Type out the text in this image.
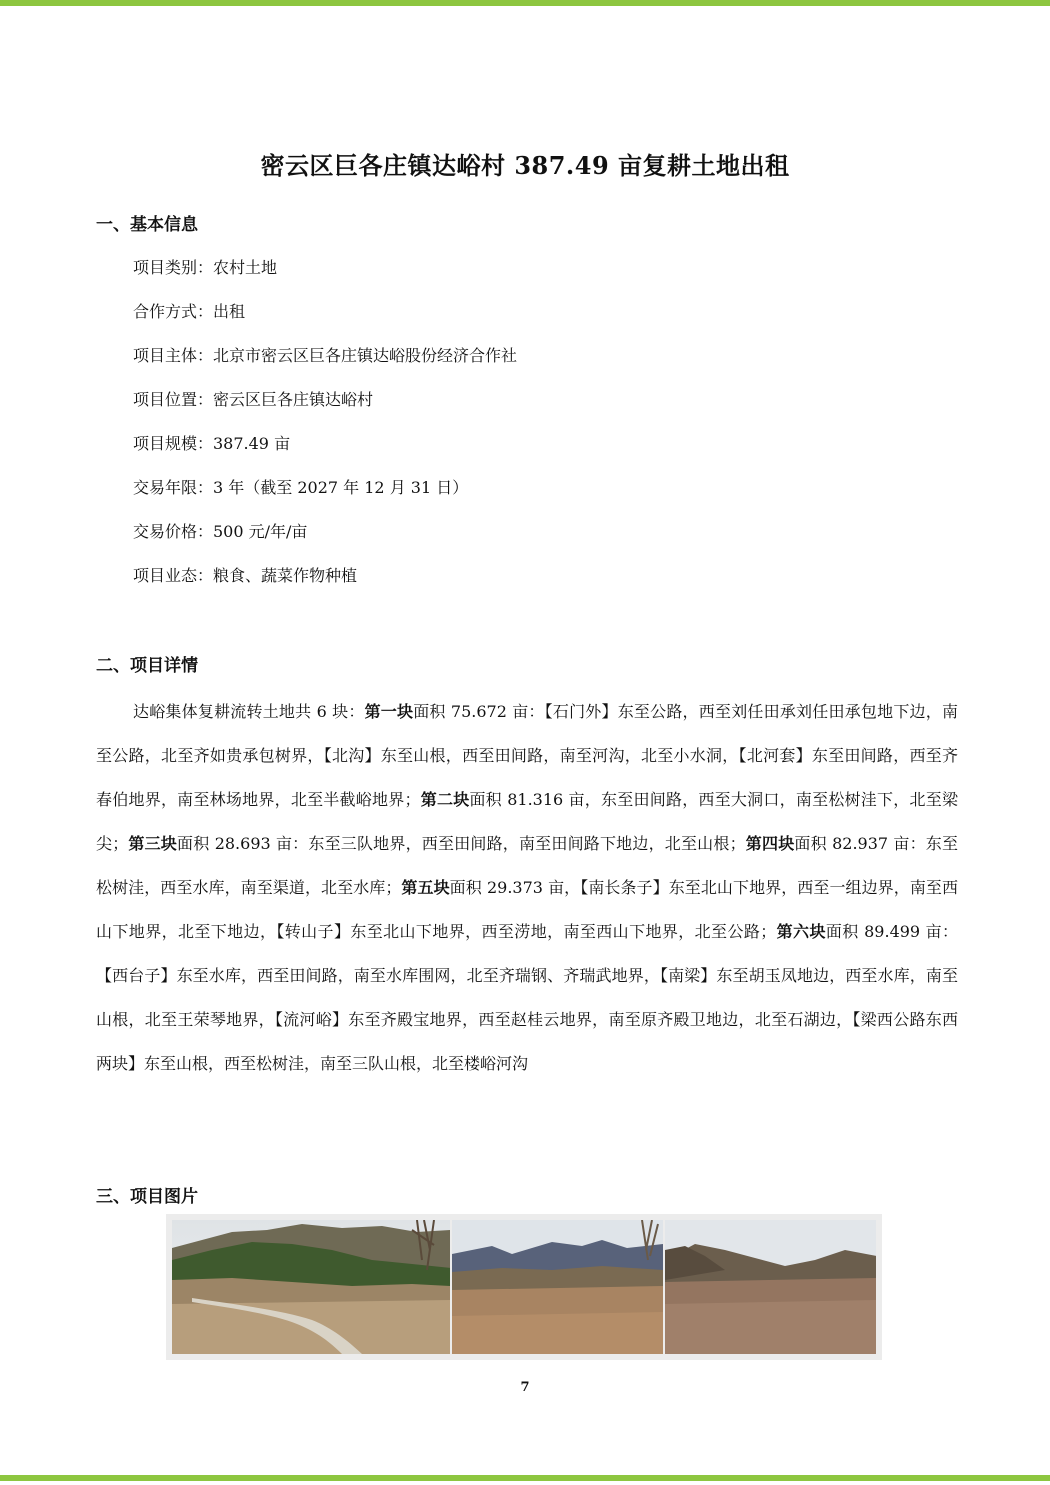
密云区巨各庄镇达峪村 387.49 亩复耕土地出租
一、基本信息
项目类别：农村土地
合作方式：出租
项目主体：北京市密云区巨各庄镇达峪股份经济合作社
项目位置：密云区巨各庄镇达峪村
项目规模：387.49 亩
交易年限：3 年（截至 2027 年 12 月 31 日）
交易价格：500 元/年/亩
项目业态：粮食、蔬菜作物种植
二、项目详情
达峪集体复耕流转土地共 6 块：第一块面积 75.672 亩：【石门外】东至公路，西至刘任田承刘任田承包地下边，南至公路，北至齐如贵承包树界，【北沟】东至山根，西至田间路，南至河沟，北至小水洞，【北河套】东至田间路，西至齐春伯地界，南至林场地界，北至半截峪地界；第二块面积 81.316 亩，东至田间路，西至大洞口，南至松树洼下，北至梁尖；第三块面积 28.693 亩：东至三队地界，西至田间路，南至田间路下地边，北至山根；第四块面积 82.937 亩：东至松树洼，西至水库，南至渠道，北至水库；第五块面积 29.373 亩，【南长条子】东至北山下地界，西至一组边界，南至西山下地界，北至下地边，【转山子】东至北山下地界，西至涝地，南至西山下地界，北至公路；第六块面积 89.499 亩：【西台子】东至水库，西至田间路，南至水库围网，北至齐瑞钢、齐瑞武地界，【南梁】东至胡玉凤地边，西至水库，南至山根，北至王荣琴地界，【流河峪】东至齐殿宝地界，西至赵桂云地界，南至原齐殿卫地边，北至石湖边，【梁西公路东西两块】东至山根，西至松树洼，南至三队山根，北至楼峪河沟
三、项目图片
7
